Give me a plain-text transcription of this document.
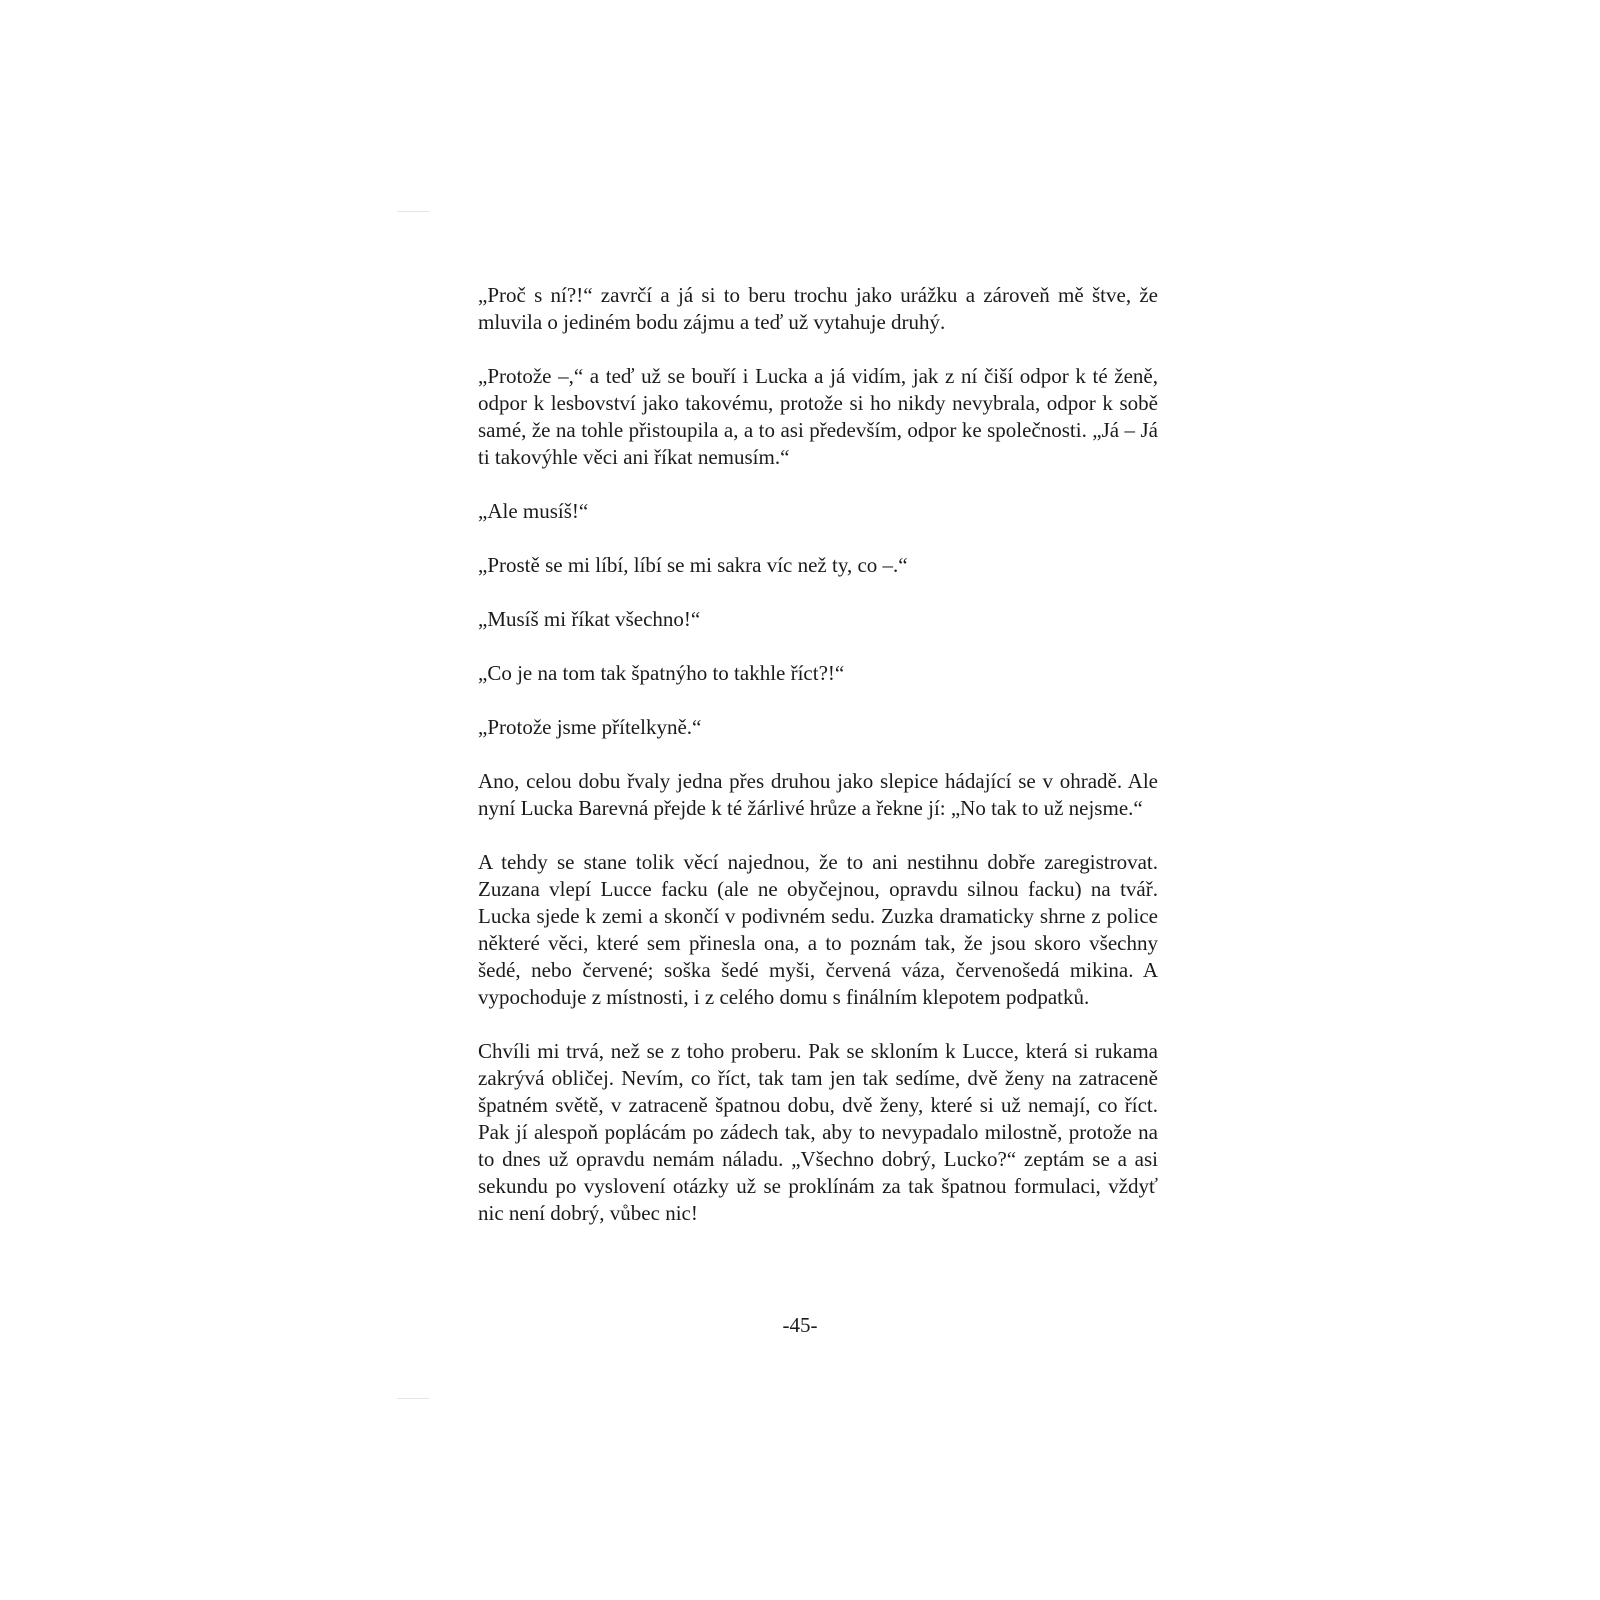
„Proč s ní?!“ zavrčí a já si to beru trochu jako urážku a zároveň mě štve, že mluvila o jediném bodu zájmu a teď už vytahuje druhý.

„Protože –,“ a teď už se bouří i Lucka a já vidím, jak z ní čiší odpor k té ženě, odpor k lesbovství jako takovému, protože si ho nikdy nevybrala, odpor k sobě samé, že na tohle přistoupila a, a to asi především, odpor ke společnosti. „Já – Já ti takovýhle věci ani říkat nemusím.“

„Ale musíš!“

„Prostě se mi líbí, líbí se mi sakra víc než ty, co –.“

„Musíš mi říkat všechno!“

„Co je na tom tak špatnýho to takhle říct?!“

„Protože jsme přítelkyně.“

Ano, celou dobu řvaly jedna přes druhou jako slepice hádající se v ohradě. Ale nyní Lucka Barevná přejde k té žárlivé hrůze a řekne jí: „No tak to už nejsme.“

A tehdy se stane tolik věcí najednou, že to ani nestihnu dobře zaregistrovat. Zuzana vlepí Lucce facku (ale ne obyčejnou, opravdu silnou facku) na tvář. Lucka sjede k zemi a skončí v podivném sedu. Zuzka dramaticky shrne z police některé věci, které sem přinesla ona, a to poznám tak, že jsou skoro všechny šedé, nebo červené; soška šedé myši, červená váza, červenošedá mikina. A vypochoduje z místnosti, i z celého domu s finálním klepotem podpatků.

Chvíli mi trvá, než se z toho proberu. Pak se skloním k Lucce, která si rukama zakrývá obličej. Nevím, co říct, tak tam jen tak sedíme, dvě ženy na zatraceně špatném světě, v zatraceně špatnou dobu, dvě ženy, které si už nemají, co říct. Pak jí alespoň poplácám po zádech tak, aby to nevypadalo milostně, protože na to dnes už opravdu nemám náladu. „Všechno dobrý, Lucko?“ zeptám se a asi sekundu po vyslovení otázky už se proklínám za tak špatnou formulaci, vždyť nic není dobrý, vůbec nic!

-45-
